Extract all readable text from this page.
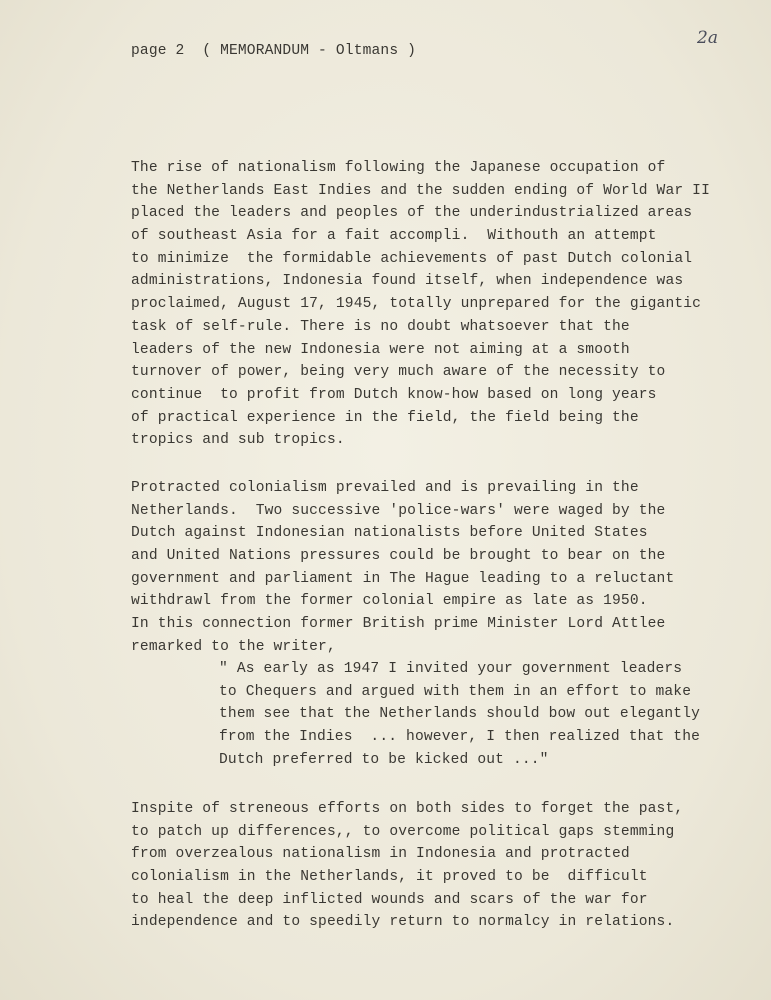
page 2  ( MEMORANDUM - Oltmans )
2a
The rise of nationalism following the Japanese occupation of
the Netherlands East Indies and the sudden ending of World War II
placed the leaders and peoples of the underindustrialized areas
of southeast Asia for a fait accompli.  Withouth an attempt
to minimize  the formidable achievements of past Dutch colonial
administrations, Indonesia found itself, when independence was
proclaimed, August 17, 1945, totally unprepared for the gigantic
task of self-rule. There is no doubt whatsoever that the
leaders of the new Indonesia were not aiming at a smooth
turnover of power, being very much aware of the necessity to
continue  to profit from Dutch know-how based on long years
of practical experience in the field, the field being the
tropics and sub tropics.
Protracted colonialism prevailed and is prevailing in the
Netherlands.  Two successive 'police-wars' were waged by the
Dutch against Indonesian nationalists before United States
and United Nations pressures could be brought to bear on the
government and parliament in The Hague leading to a reluctant
withdrawl from the former colonial empire as late as 1950.
In this connection former British prime Minister Lord Attlee
remarked to the writer,
" As early as 1947 I invited your government leaders
to Chequers and argued with them in an effort to make
them see that the Netherlands should bow out elegantly
from the Indies  ... however, I then realized that the
Dutch preferred to be kicked out ..."
Inspite of streneous efforts on both sides to forget the past,
to patch up differences,, to overcome political gaps stemming
from overzealous nationalism in Indonesia and protracted
colonialism in the Netherlands, it proved to be  difficult
to heal the deep inflicted wounds and scars of the war for
independence and to speedily return to normalcy in relations.
